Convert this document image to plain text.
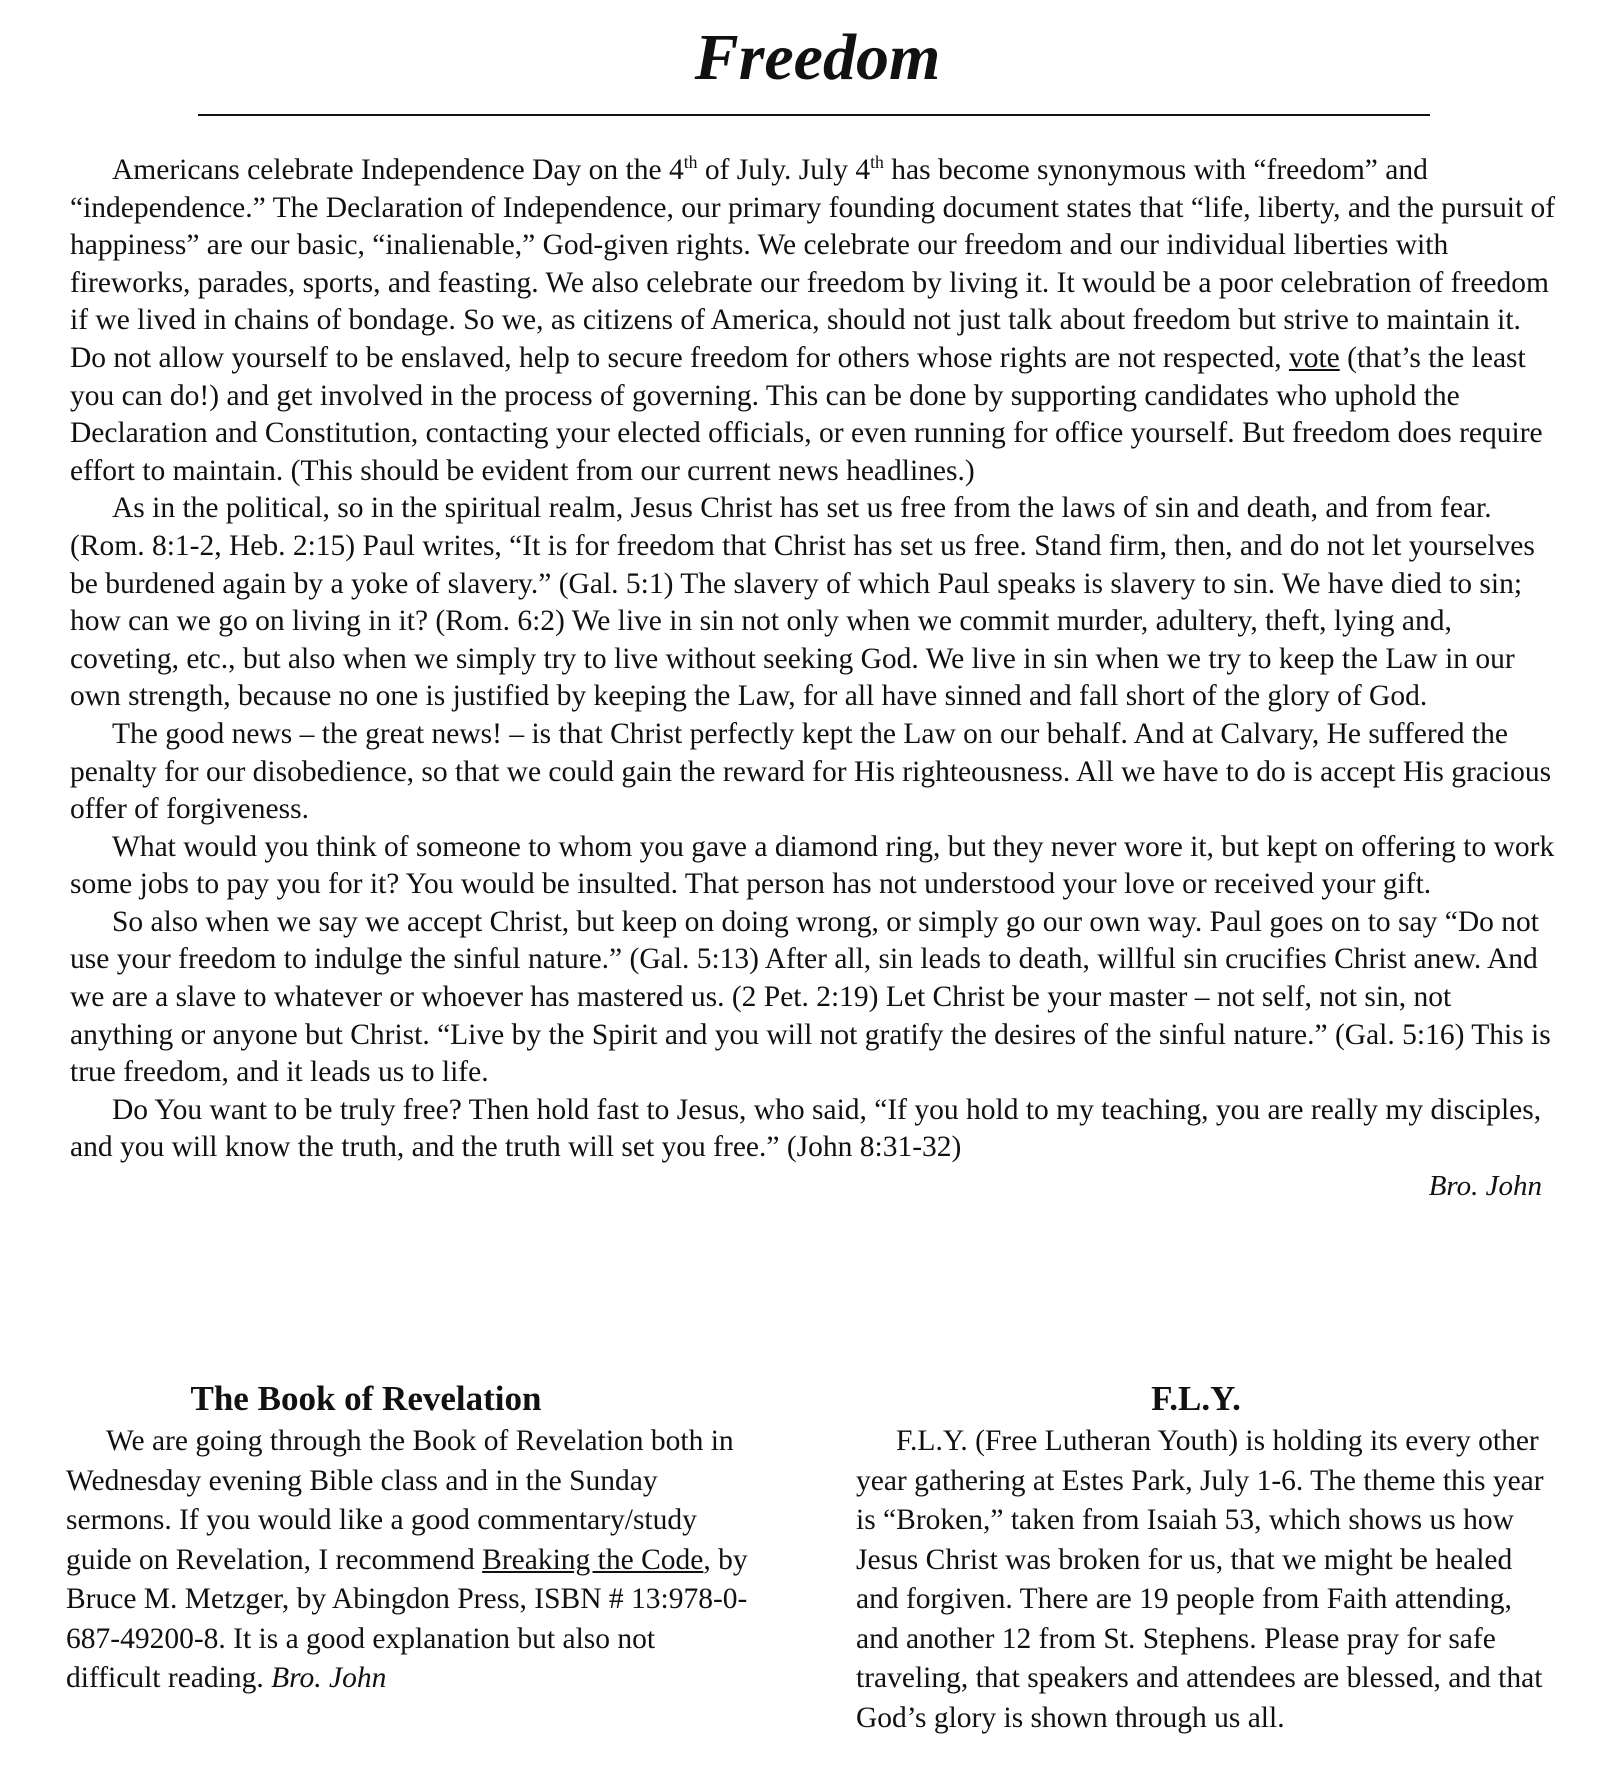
Freedom

Americans celebrate Independence Day on the 4th of July. July 4th has become synonymous with “freedom” and “independence.” The Declaration of Independence, our primary founding document states that “life, liberty, and the pursuit of happiness” are our basic, “inalienable,” God-given rights. We celebrate our freedom and our individual liberties with fireworks, parades, sports, and feasting. We also celebrate our freedom by living it. It would be a poor celebration of freedom if we lived in chains of bondage. So we, as citizens of America, should not just talk about freedom but strive to maintain it. Do not allow yourself to be enslaved, help to secure freedom for others whose rights are not respected, vote (that’s the least you can do!) and get involved in the process of governing. This can be done by supporting candidates who uphold the Declaration and Constitution, contacting your elected officials, or even running for office yourself. But freedom does require effort to maintain. (This should be evident from our current news headlines.)

As in the political, so in the spiritual realm, Jesus Christ has set us free from the laws of sin and death, and from fear. (Rom. 8:1-2, Heb. 2:15) Paul writes, “It is for freedom that Christ has set us free. Stand firm, then, and do not let yourselves be burdened again by a yoke of slavery.” (Gal. 5:1) The slavery of which Paul speaks is slavery to sin. We have died to sin; how can we go on living in it? (Rom. 6:2) We live in sin not only when we commit murder, adultery, theft, lying and, coveting, etc., but also when we simply try to live without seeking God. We live in sin when we try to keep the Law in our own strength, because no one is justified by keeping the Law, for all have sinned and fall short of the glory of God.

The good news – the great news! – is that Christ perfectly kept the Law on our behalf. And at Calvary, He suffered the penalty for our disobedience, so that we could gain the reward for His righteousness. All we have to do is accept His gracious offer of forgiveness.

What would you think of someone to whom you gave a diamond ring, but they never wore it, but kept on offering to work some jobs to pay you for it? You would be insulted. That person has not understood your love or received your gift.

So also when we say we accept Christ, but keep on doing wrong, or simply go our own way. Paul goes on to say “Do not use your freedom to indulge the sinful nature.” (Gal. 5:13) After all, sin leads to death, willful sin crucifies Christ anew. And we are a slave to whatever or whoever has mastered us. (2 Pet. 2:19) Let Christ be your master – not self, not sin, not anything or anyone but Christ. “Live by the Spirit and you will not gratify the desires of the sinful nature.” (Gal. 5:16) This is true freedom, and it leads us to life.

Do You want to be truly free? Then hold fast to Jesus, who said, “If you hold to my teaching, you are really my disciples, and you will know the truth, and the truth will set you free.” (John 8:31-32)

Bro. John
The Book of Revelation

We are going through the Book of Revelation both in Wednesday evening Bible class and in the Sunday sermons. If you would like a good commentary/study guide on Revelation, I recommend Breaking the Code, by Bruce M. Metzger, by Abingdon Press, ISBN # 13:978-0-687-49200-8. It is a good explanation but also not difficult reading. Bro. John

F.L.Y.

F.L.Y. (Free Lutheran Youth) is holding its every other year gathering at Estes Park, July 1-6. The theme this year is “Broken,” taken from Isaiah 53, which shows us how Jesus Christ was broken for us, that we might be healed and forgiven. There are 19 people from Faith attending, and another 12 from St. Stephens. Please pray for safe traveling, that speakers and attendees are blessed, and that God’s glory is shown through us all.
